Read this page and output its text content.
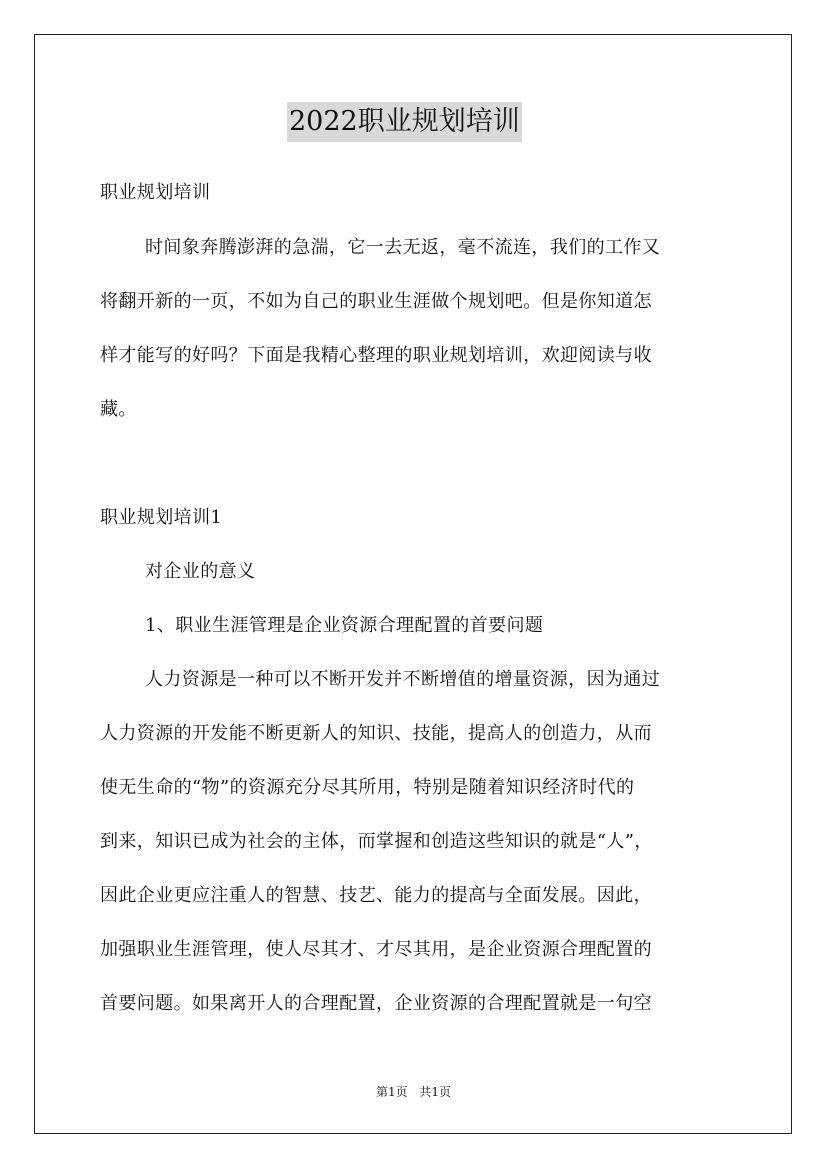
2022职业规划培训
职业规划培训
时间象奔腾澎湃的急湍，它一去无返，毫不流连，我们的工作又
将翻开新的一页，不如为自己的职业生涯做个规划吧。但是你知道怎
样才能写的好吗？下面是我精心整理的职业规划培训，欢迎阅读与收
藏。
职业规划培训1
对企业的意义
1、职业生涯管理是企业资源合理配置的首要问题
人力资源是一种可以不断开发并不断增值的增量资源，因为通过
人力资源的开发能不断更新人的知识、技能，提高人的创造力，从而
使无生命的“物”的资源充分尽其所用，特别是随着知识经济时代的
到来，知识已成为社会的主体，而掌握和创造这些知识的就是“人”，
因此企业更应注重人的智慧、技艺、能力的提高与全面发展。因此，
加强职业生涯管理，使人尽其才、才尽其用，是企业资源合理配置的
首要问题。如果离开人的合理配置，企业资源的合理配置就是一句空
第1页 共1页
